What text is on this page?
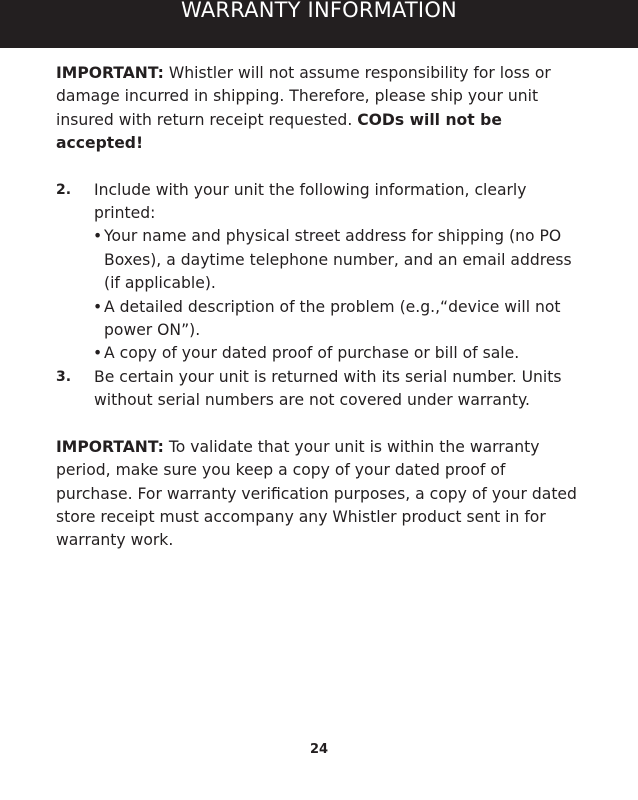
WARRANTY INFORMATION

IMPORTANT: Whistler will not assume responsibility for loss or damage incurred in shipping. Therefore, please ship your unit insured with return receipt requested. CODs will not be accepted!

2. Include with your unit the following information, clearly printed:
• Your name and physical street address for shipping (no PO Boxes), a daytime telephone number, and an email address (if applicable).
• A detailed description of the problem (e.g.,“device will not power ON”).
• A copy of your dated proof of purchase or bill of sale.
3. Be certain your unit is returned with its serial number. Units without serial numbers are not covered under warranty.

IMPORTANT: To validate that your unit is within the warranty period, make sure you keep a copy of your dated proof of purchase. For warranty verification purposes, a copy of your dated store receipt must accompany any Whistler product sent in for warranty work.

24
